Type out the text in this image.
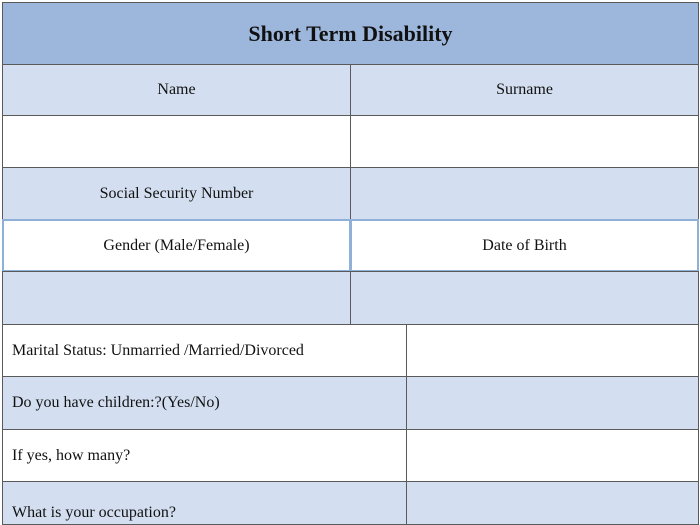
Short Term Disability
Name	Surname
Social Security Number
Gender (Male/Female)	Date of Birth
Marital Status: Unmarried /Married/Divorced
Do you have children:?(Yes/No)
If yes, how many?
What is your occupation?
